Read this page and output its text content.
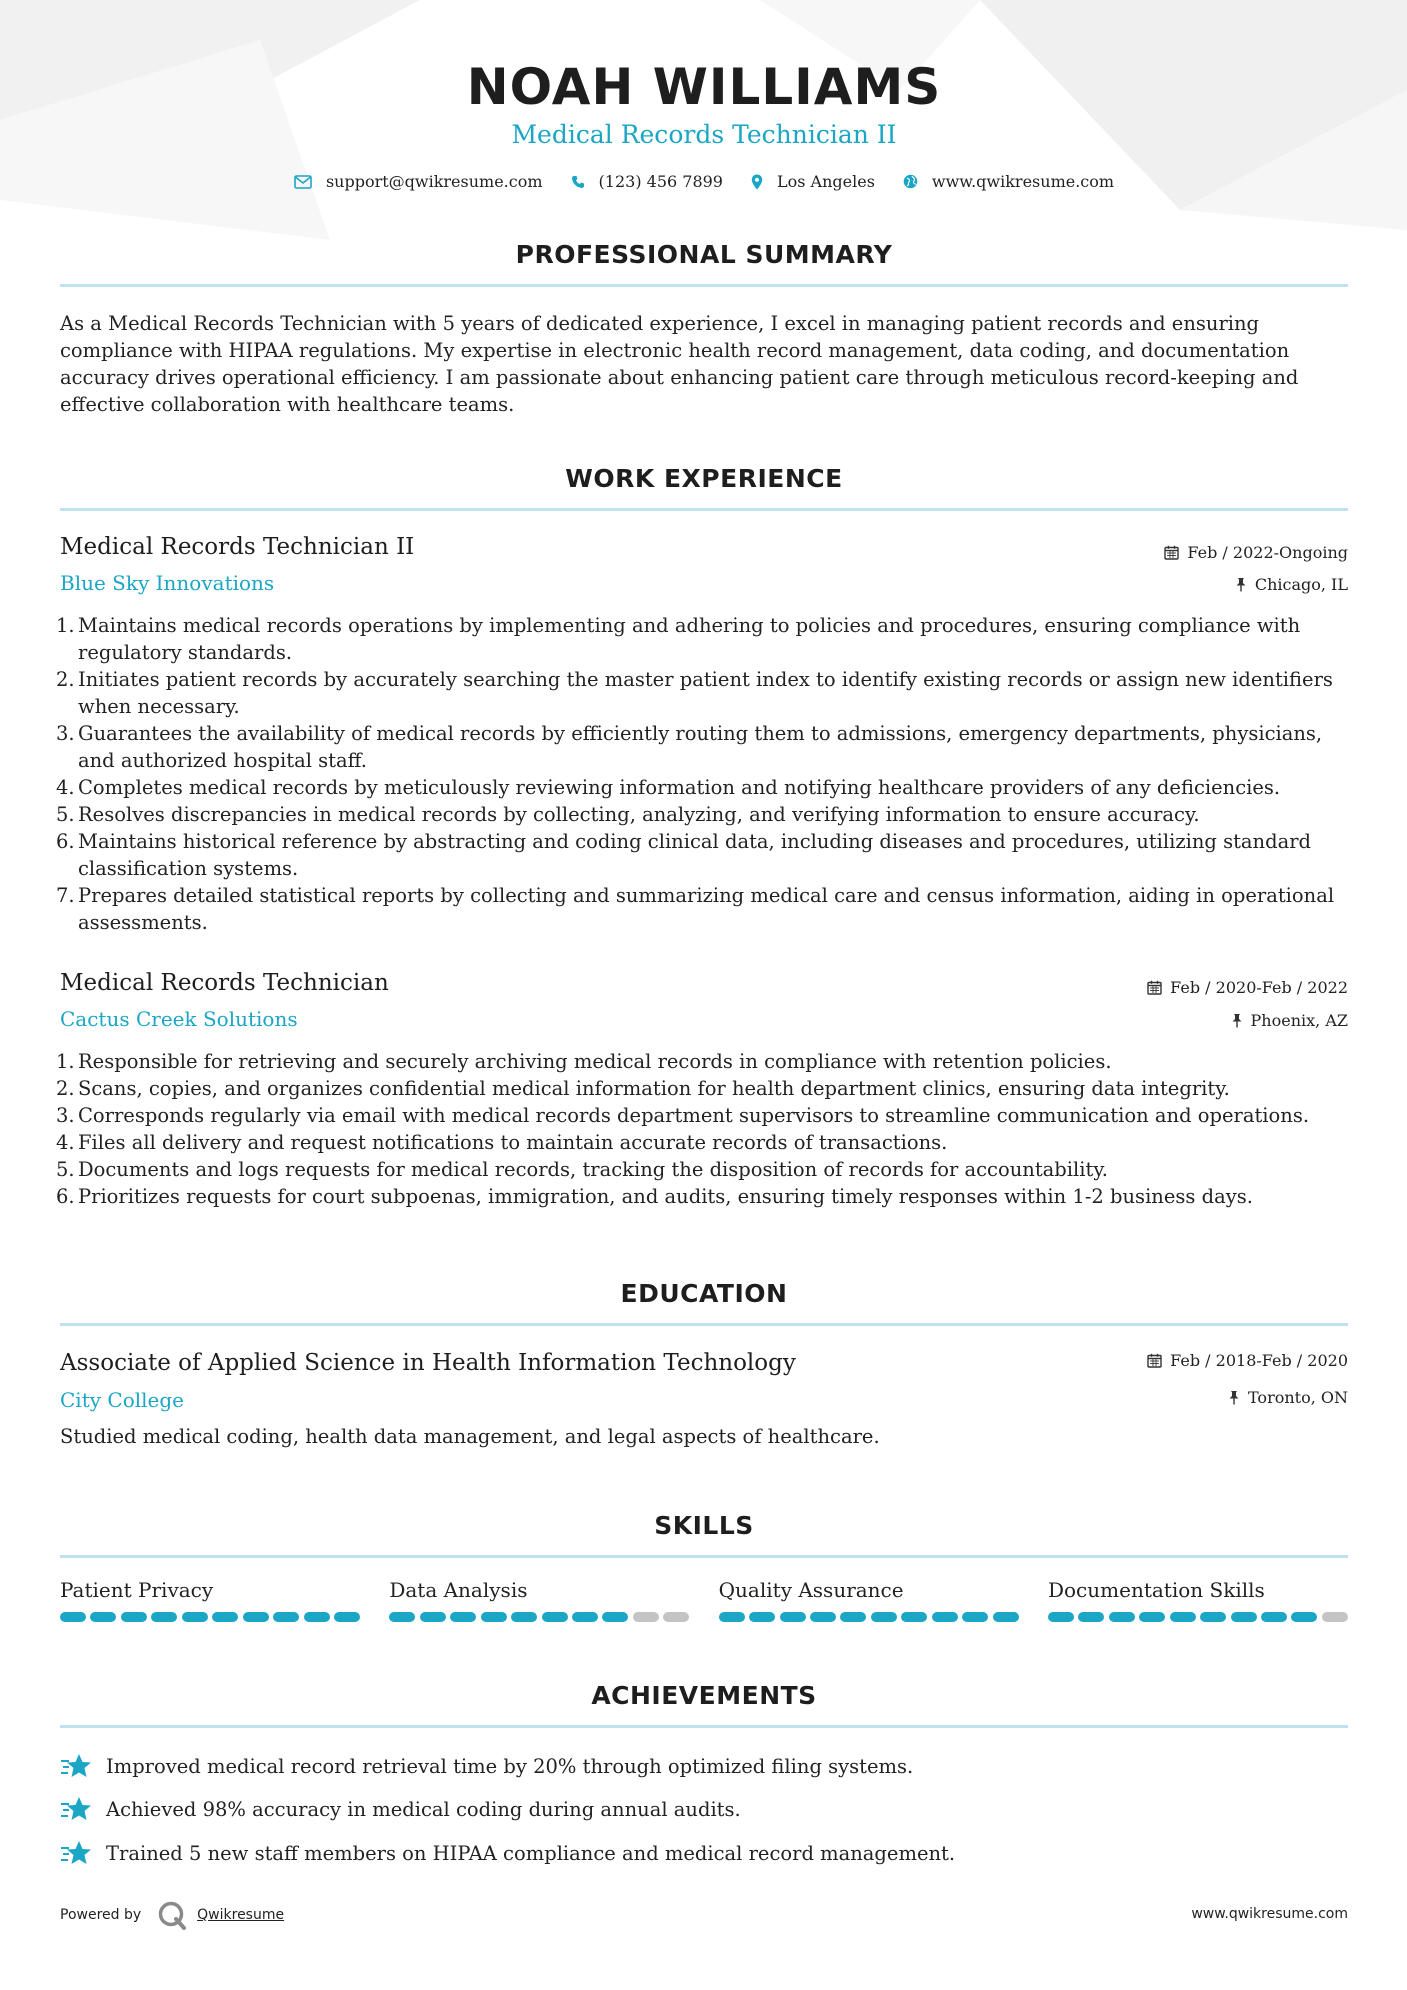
NOAH WILLIAMS
Medical Records Technician II
support@qwikresume.com	(123) 456 7899	Los Angeles	www.qwikresume.com
PROFESSIONAL SUMMARY
As a Medical Records Technician with 5 years of dedicated experience, I excel in managing patient records and ensuring compliance with HIPAA regulations. My expertise in electronic health record management, data coding, and documentation accuracy drives operational efficiency. I am passionate about enhancing patient care through meticulous record-keeping and effective collaboration with healthcare teams.
WORK EXPERIENCE
Medical Records Technician II	Feb / 2022-Ongoing
Blue Sky Innovations	Chicago, IL
1. Maintains medical records operations by implementing and adhering to policies and procedures, ensuring compliance with regulatory standards.
2. Initiates patient records by accurately searching the master patient index to identify existing records or assign new identifiers when necessary.
3. Guarantees the availability of medical records by efficiently routing them to admissions, emergency departments, physicians, and authorized hospital staff.
4. Completes medical records by meticulously reviewing information and notifying healthcare providers of any deficiencies.
5. Resolves discrepancies in medical records by collecting, analyzing, and verifying information to ensure accuracy.
6. Maintains historical reference by abstracting and coding clinical data, including diseases and procedures, utilizing standard classification systems.
7. Prepares detailed statistical reports by collecting and summarizing medical care and census information, aiding in operational assessments.
Medical Records Technician	Feb / 2020-Feb / 2022
Cactus Creek Solutions	Phoenix, AZ
1. Responsible for retrieving and securely archiving medical records in compliance with retention policies.
2. Scans, copies, and organizes confidential medical information for health department clinics, ensuring data integrity.
3. Corresponds regularly via email with medical records department supervisors to streamline communication and operations.
4. Files all delivery and request notifications to maintain accurate records of transactions.
5. Documents and logs requests for medical records, tracking the disposition of records for accountability.
6. Prioritizes requests for court subpoenas, immigration, and audits, ensuring timely responses within 1-2 business days.
EDUCATION
Associate of Applied Science in Health Information Technology	Feb / 2018-Feb / 2020
City College	Toronto, ON
Studied medical coding, health data management, and legal aspects of healthcare.
SKILLS
Patient Privacy	Data Analysis	Quality Assurance	Documentation Skills
ACHIEVEMENTS
Improved medical record retrieval time by 20% through optimized filing systems.
Achieved 98% accuracy in medical coding during annual audits.
Trained 5 new staff members on HIPAA compliance and medical record management.
Powered by	Qwikresume	www.qwikresume.com
